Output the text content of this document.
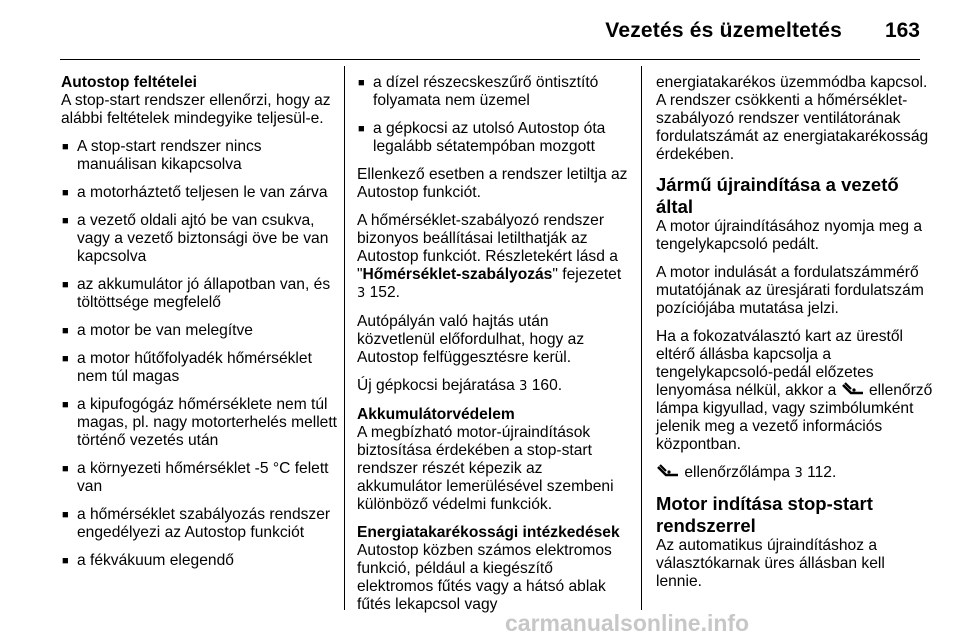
Vezetés és üzemeltetés 163
Autostop feltételei

A stop-start rendszer ellenőrzi, hogy az alábbi feltételek mindegyike teljesül-e.

■ A stop-start rendszer nincs manuálisan kikapcsolva
■ a motorháztető teljesen le van zárva
■ a vezető oldali ajtó be van csukva, vagy a vezető biztonsági öve be van kapcsolva
■ az akkumulátor jó állapotban van, és töltöttsége megfelelő
■ a motor be van melegítve
■ a motor hűtőfolyadék hőmérséklet nem túl magas
■ a kipufogógáz hőmérséklete nem túl magas, pl. nagy motorterhelés mellett történő vezetés után
■ a környezeti hőmérséklet -5 °C felett van
■ a hőmérséklet szabályozás rendszer engedélyezi az Autostop funkciót
■ a fékvákuum elegendő
■ a dízel részecskeszűrő öntisztító folyamata nem üzemel
■ a gépkocsi az utolsó Autostop óta legalább sétatempóban mozgott

Ellenkező esetben a rendszer letiltja az Autostop funkciót.

A hőmérséklet-szabályozó rendszer bizonyos beállításai letilthatják az Autostop funkciót. Részletekért lásd a "Hőmérséklet-szabályozás" fejezetet 3 152.

Autópályán való hajtás után közvetlenül előfordulhat, hogy az Autostop felfüggesztésre kerül.

Új gépkocsi bejáratása 3 160.

Akkumulátorvédelem

A megbízható motor-újraindítások biztosítása érdekében a stop-start rendszer részét képezik az akkumulátor lemerülésével szembeni különböző védelmi funkciók.

Energiatakarékossági intézkedések

Autostop közben számos elektromos funkció, például a kiegészítő elektromos fűtés vagy a hátsó ablak fűtés lekapcsol vagy

energiatakarékos üzemmódba kapcsol. A rendszer csökkenti a hőmérséklet-szabályozó rendszer ventilátorának fordulatszámát az energiatakarékosság érdekében.

Jármű újraindítása a vezető által

A motor újraindításához nyomja meg a tengelykapcsoló pedált.

A motor indulását a fordulatszámmérő mutatójának az üresjárati fordulatszám pozíciójába mutatása jelzi.

Ha a fokozatválasztó kart az ürestől eltérő állásba kapcsolja a tengelykapcsoló-pedál előzetes lenyomása nélkül, akkor a ellenőrző lámpa kigyullad, vagy szimbólumként jelenik meg a vezető információs központban.

ellenőrzőlámpa 3 112.

Motor indítása stop-start rendszerrel

Az automatikus újraindításhoz a választókarnak üres állásban kell lennie.

carmanualsonline.info
